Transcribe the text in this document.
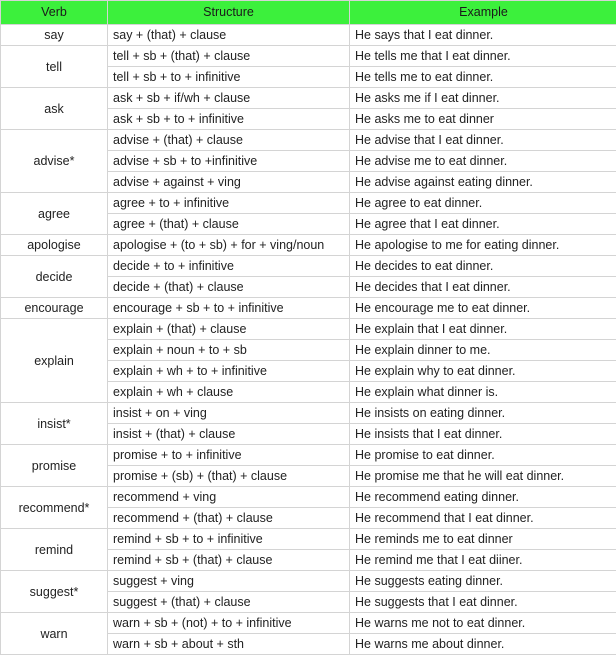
Verb	Structure	Example
say	say + (that) + clause	He says that I eat dinner.
tell	tell + sb + (that) + clause	He tells me that I eat dinner.
	tell + sb + to + infinitive	He tells me to eat dinner.
ask	ask + sb + if/wh + clause	He asks me if I eat dinner.
	ask + sb + to + infinitive	He asks me to eat dinner
advise*	advise + (that) + clause	He advise that I eat dinner.
	advise + sb + to +infinitive	He advise me to eat dinner.
	advise + against + ving	He advise against eating dinner.
agree	agree + to + infinitive	He agree to eat dinner.
	agree + (that) + clause	He agree that I eat dinner.
apologise	apologise + (to + sb) + for + ving/noun	He apologise to me for eating dinner.
decide	decide + to + infinitive	He decides to eat dinner.
	decide + (that) + clause	He decides that I eat dinner.
encourage	encourage + sb + to + infinitive	He encourage me to eat dinner.
explain	explain + (that) + clause	He explain that I eat dinner.
	explain + noun + to + sb	He explain dinner to me.
	explain + wh + to + infinitive	He explain why to eat dinner.
	explain + wh + clause	He explain what dinner is.
insist*	insist + on + ving	He insists on eating dinner.
	insist + (that) + clause	He insists that I eat dinner.
promise	promise + to + infinitive	He promise to eat dinner.
	promise + (sb) + (that) + clause	He promise me that he will eat dinner.
recommend*	recommend + ving	He recommend eating dinner.
	recommend + (that) + clause	He recommend that I eat dinner.
remind	remind + sb + to + infinitive	He reminds me to eat dinner
	remind + sb + (that) + clause	He remind me that I eat diiner.
suggest*	suggest + ving	He suggests eating dinner.
	suggest + (that) + clause	He suggests that I eat dinner.
warn	warn + sb + (not) + to + infinitive	He warns me not to eat dinner.
	warn + sb + about + sth	He warns me about dinner.
